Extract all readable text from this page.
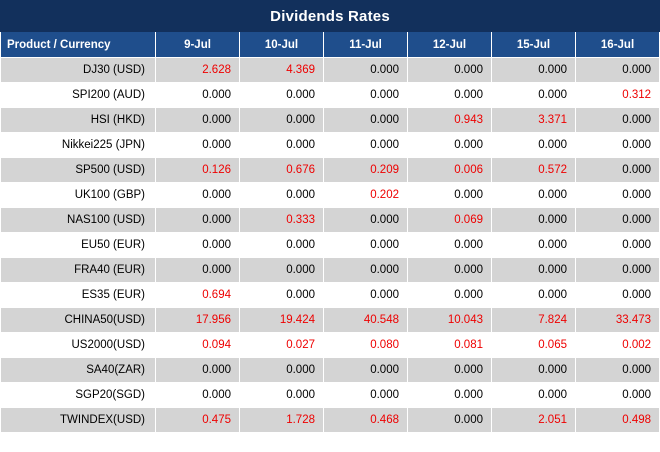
Dividends Rates						
Product / Currency	9-Jul	10-Jul	11-Jul	12-Jul	15-Jul	16-Jul
DJ30 (USD)	2.628	4.369	0.000	0.000	0.000	0.000
SPI200 (AUD)	0.000	0.000	0.000	0.000	0.000	0.312
HSI (HKD)	0.000	0.000	0.000	0.943	3.371	0.000
Nikkei225 (JPN)	0.000	0.000	0.000	0.000	0.000	0.000
SP500 (USD)	0.126	0.676	0.209	0.006	0.572	0.000
UK100 (GBP)	0.000	0.000	0.202	0.000	0.000	0.000
NAS100 (USD)	0.000	0.333	0.000	0.069	0.000	0.000
EU50 (EUR)	0.000	0.000	0.000	0.000	0.000	0.000
FRA40 (EUR)	0.000	0.000	0.000	0.000	0.000	0.000
ES35 (EUR)	0.694	0.000	0.000	0.000	0.000	0.000
CHINA50(USD)	17.956	19.424	40.548	10.043	7.824	33.473
US2000(USD)	0.094	0.027	0.080	0.081	0.065	0.002
SA40(ZAR)	0.000	0.000	0.000	0.000	0.000	0.000
SGP20(SGD)	0.000	0.000	0.000	0.000	0.000	0.000
TWINDEX(USD)	0.475	1.728	0.468	0.000	2.051	0.498
